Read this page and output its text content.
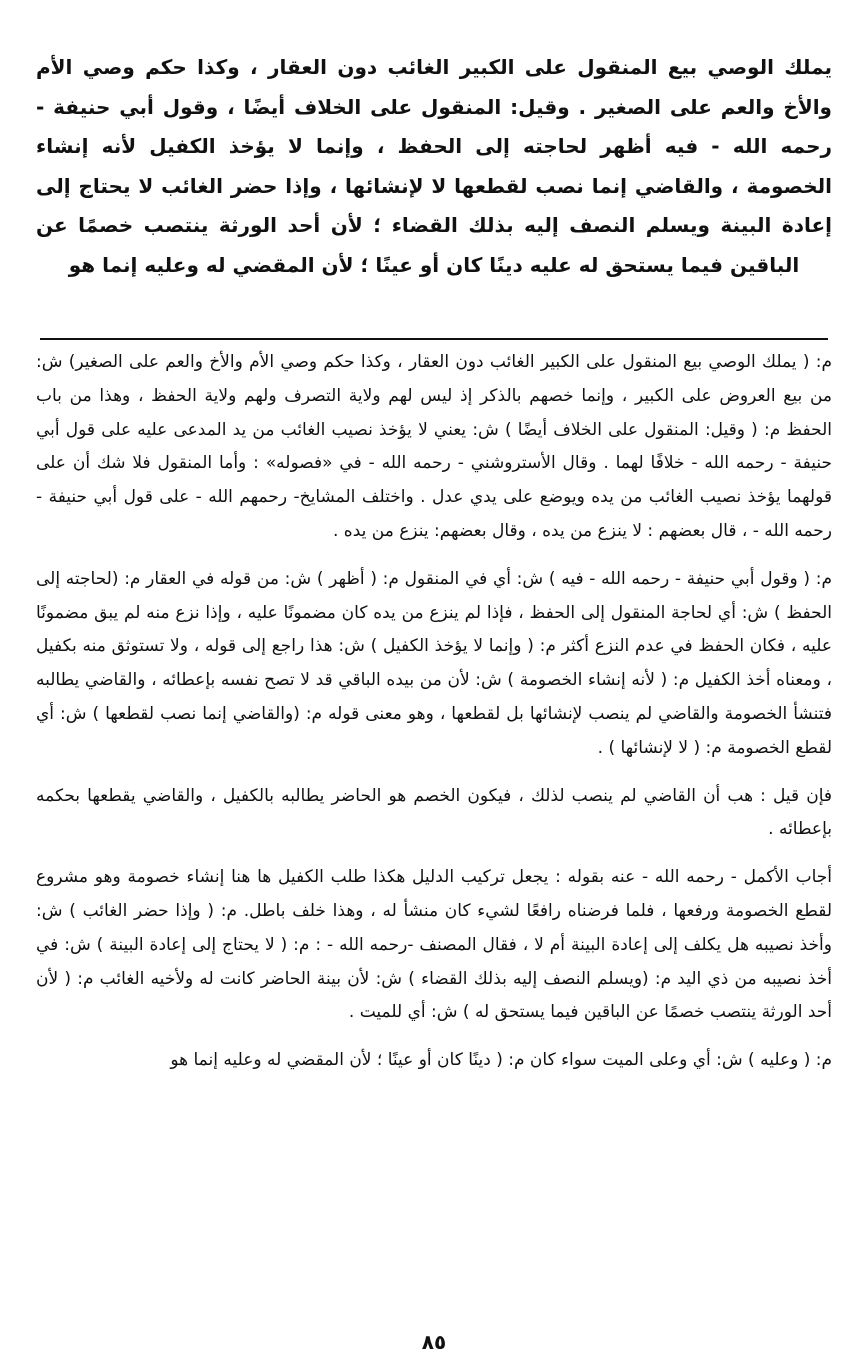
يملك الوصي بيع المنقول على الكبير الغائب دون العقار ، وكذا حكم وصي الأم والأخ والعم على الصغير . وقيل: المنقول على الخلاف أيضًا ، وقول أبي حنيفة - رحمه الله - فيه أظهر لحاجته إلى الحفظ ، وإنما لا يؤخذ الكفيل لأنه إنشاء الخصومة ، والقاضي إنما نصب لقطعها لا لإنشائها ، وإذا حضر الغائب لا يحتاج إلى إعادة البينة ويسلم النصف إليه بذلك القضاء ؛ لأن أحد الورثة ينتصب خصمًا عن الباقين فيما يستحق له عليه دينًا كان أو عينًا ؛ لأن المقضي له وعليه إنما هو

م: ( يملك الوصي بيع المنقول على الكبير الغائب دون العقار ، وكذا حكم وصي الأم والأخ والعم على الصغير) ش: من بيع العروض على الكبير ، وإنما خصهم بالذكر إذ ليس لهم ولاية التصرف ولهم ولاية الحفظ ، وهذا من باب الحفظ م: ( وقيل: المنقول على الخلاف أيضًا ) ش: يعني لا يؤخذ نصيب الغائب من يد المدعى عليه على قول أبي حنيفة - رحمه الله - خلافًا لهما . وقال الأستروشني - رحمه الله - في «فصوله» : وأما المنقول فلا شك أن على قولهما يؤخذ نصيب الغائب من يده ويوضع على يدي عدل . واختلف المشايخ- رحمهم الله - على قول أبي حنيفة - رحمه الله - ، قال بعضهم : لا ينزع من يده ، وقال بعضهم: ينزع من يده .

م: ( وقول أبي حنيفة - رحمه الله - فيه ) ش: أي في المنقول م: ( أظهر ) ش: من قوله في العقار م: (لحاجته إلى الحفظ ) ش: أي لحاجة المنقول إلى الحفظ ، فإذا لم ينزع من يده كان مضمونًا عليه ، وإذا نزع منه لم يبق مضمونًا عليه ، فكان الحفظ في عدم النزع أكثر م: ( وإنما لا يؤخذ الكفيل ) ش: هذا راجع إلى قوله ، ولا تستوثق منه بكفيل ، ومعناه أخذ الكفيل م: ( لأنه إنشاء الخصومة ) ش: لأن من بيده الباقي قد لا تصح نفسه بإعطائه ، والقاضي يطالبه فتنشأ الخصومة والقاضي لم ينصب لإنشائها بل لقطعها ، وهو معنى قوله م: (والقاضي إنما نصب لقطعها ) ش: أي لقطع الخصومة م: ( لا لإنشائها ) .

فإن قيل : هب أن القاضي لم ينصب لذلك ، فيكون الخصم هو الحاضر يطالبه بالكفيل ، والقاضي يقطعها بحكمه بإعطائه .

أجاب الأكمل - رحمه الله - عنه بقوله : يجعل تركيب الدليل هكذا طلب الكفيل ها هنا إنشاء خصومة وهو مشروع لقطع الخصومة ورفعها ، فلما فرضناه رافعًا لشيء كان منشأ له ، وهذا خلف باطل. م: ( وإذا حضر الغائب ) ش: وأخذ نصيبه هل يكلف إلى إعادة البينة أم لا ، فقال المصنف -رحمه الله - : م: ( لا يحتاج إلى إعادة البينة ) ش: في أخذ نصيبه من ذي اليد م: (ويسلم النصف إليه بذلك القضاء ) ش: لأن بينة الحاضر كانت له ولأخيه الغائب م: ( لأن أحد الورثة ينتصب خصمًا عن الباقين فيما يستحق له ) ش: أي للميت .

م: ( وعليه ) ش: أي وعلى الميت سواء كان م: ( دينًا كان أو عينًا ؛ لأن المقضي له وعليه إنما هو

٨٥
